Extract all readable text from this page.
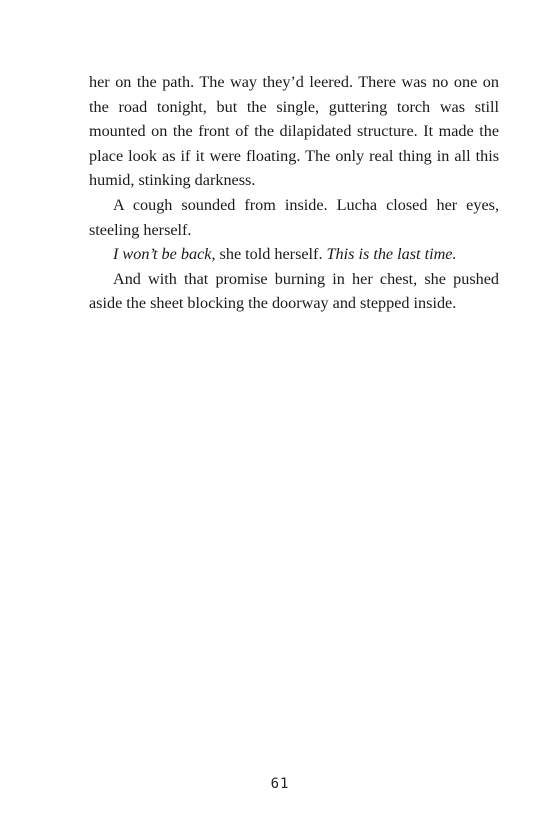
her on the path. The way they’d leered. There was no one on the road tonight, but the single, guttering torch was still mounted on the front of the dilapidated structure. It made the place look as if it were floating. The only real thing in all this humid, stinking darkness.

A cough sounded from inside. Lucha closed her eyes, steeling herself.

I won’t be back, she told herself. This is the last time.

And with that promise burning in her chest, she pushed aside the sheet blocking the doorway and stepped inside.

61
